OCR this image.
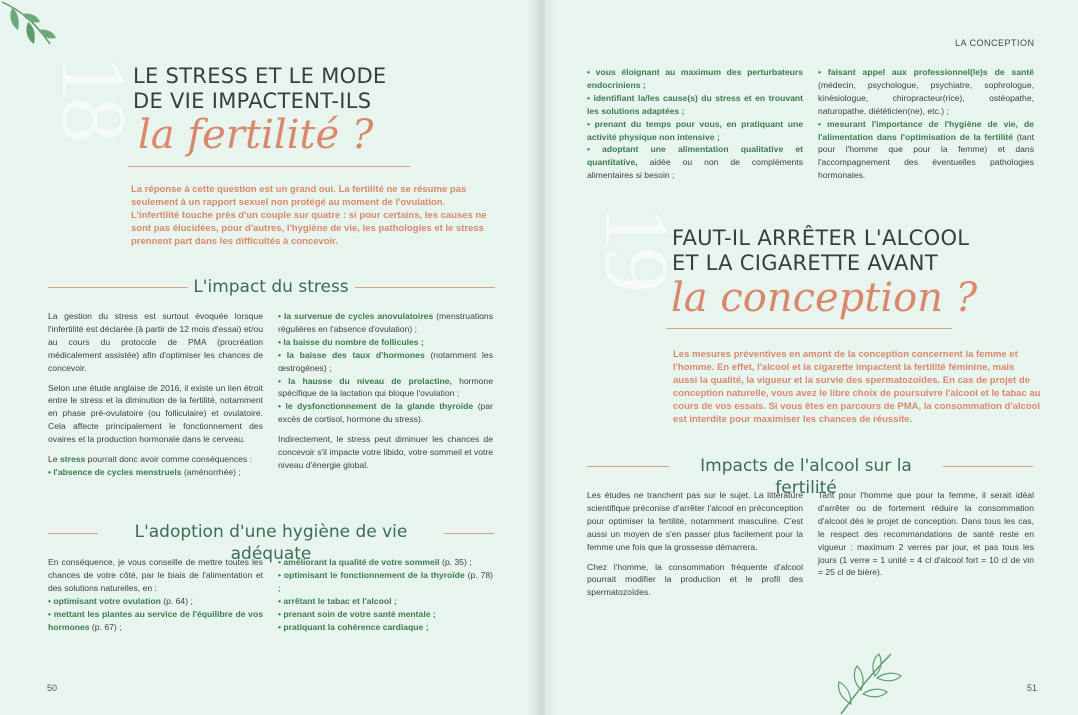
18
LE STRESS ET LE MODE
DE VIE IMPACTENT-ILS
la fertilité ?
La réponse à cette question est un grand oui. La fertilité ne se résume pas seulement à un rapport sexuel non protégé au moment de l'ovulation. L'infertilité touche près d'un couple sur quatre : si pour certains, les causes ne sont pas élucidées, pour d'autres, l'hygiène de vie, les pathologies et le stress prennent part dans les difficultés à concevoir.
L'impact du stress

La gestion du stress est surtout évoquée lorsque l'infertilité est déclarée (à partir de 12 mois d'essai) et/ou au cours du protocole de PMA (procréation médicalement assistée) afin d'optimiser les chances de concevoir.

Selon une étude anglaise de 2016, il existe un lien étroit entre le stress et la diminution de la fertilité, notamment en phase pré-ovulatoire (ou folliculaire) et ovulatoire. Cela affecte principalement le fonctionnement des ovaires et la production hormonale dans le cerveau.

Le stress pourrait donc avoir comme conséquences :

• l'absence de cycles menstruels (aménorrhée) ;

• la survenue de cycles anovulatoires (menstruations régulières en l'absence d'ovulation) ;
• la baisse du nombre de follicules ;
• la baisse des taux d'hormones (notamment les œstrogènes) ;
• la hausse du niveau de prolactine, hormone spécifique de la lactation qui bloque l'ovulation ;

• le dysfonctionnement de la glande thyroïde (par excès de cortisol, hormone du stress).

Indirectement, le stress peut diminuer les chances de concevoir s'il impacte votre libido, votre sommeil et votre niveau d'énergie global.

L'adoption d'une hygiène de vie adéquate
En conséquence, je vous conseille de mettre toutes les chances de votre côté, par le biais de l'alimentation et des solutions naturelles, en :
• optimisant votre ovulation (p. 64) ;
• mettant les plantes au service de l'équilibre de vos hormones (p. 67) ;
• améliorant la qualité de votre sommeil (p. 35) ;
• optimisant le fonctionnement de la thyroïde (p. 78) ;
• arrêtant le tabac et l'alcool ;
• prenant soin de votre santé mentale ;
• pratiquant la cohérence cardiaque ;
50
LA CONCEPTION
• vous éloignant au maximum des perturbateurs endocriniens ;
• identifiant la/les cause(s) du stress et en trouvant les solutions adaptées ;
• prenant du temps pour vous, en pratiquant une activité physique non intensive ;
• adoptant une alimentation qualitative et quantitative, aidée ou non de compléments alimentaires si besoin ;
• faisant appel aux professionnel(le)s de santé (médecin, psychologue, psychiatre, sophrologue, kinésiologue, chiropracteur(rice), ostéopathe, naturopathe, diététicien(ne), etc.) ;
• mesurant l'importance de l'hygiène de vie, de l'alimentation dans l'optimisation de la fertilité (tant pour l'homme que pour la femme) et dans l'accompagnement des éventuelles pathologies hormonales.
19
FAUT-IL ARRÊTER L'ALCOOL
ET LA CIGARETTE AVANT
la conception ?
Les mesures préventives en amont de la conception concernent la femme et l'homme. En effet, l'alcool et la cigarette impactent la fertilité féminine, mais aussi la qualité, la vigueur et la survie des spermatozoïdes. En cas de projet de conception naturelle, vous avez le libre choix de poursuivre l'alcool et le tabac au cours de vos essais. Si vous êtes en parcours de PMA, la consommation d'alcool est interdite pour maximiser les chances de réussite.
Impacts de l'alcool sur la fertilité

Les études ne tranchent pas sur le sujet. La littérature scientifique préconise d'arrêter l'alcool en préconception pour optimiser la fertilité, notamment masculine. C'est aussi un moyen de s'en passer plus facilement pour la femme une fois que la grossesse démarrera.

Chez l'homme, la consommation fréquente d'alcool pourrait modifier la production et le profil des spermatozoïdes.

Tant pour l'homme que pour la femme, il serait idéal d'arrêter ou de fortement réduire la consommation d'alcool dès le projet de conception. Dans tous les cas, le respect des recommandations de santé reste en vigueur : maximum 2 verres par jour, et pas tous les jours (1 verre = 1 unité = 4 cl d'alcool fort = 10 cl de vin = 25 cl de bière).

51
